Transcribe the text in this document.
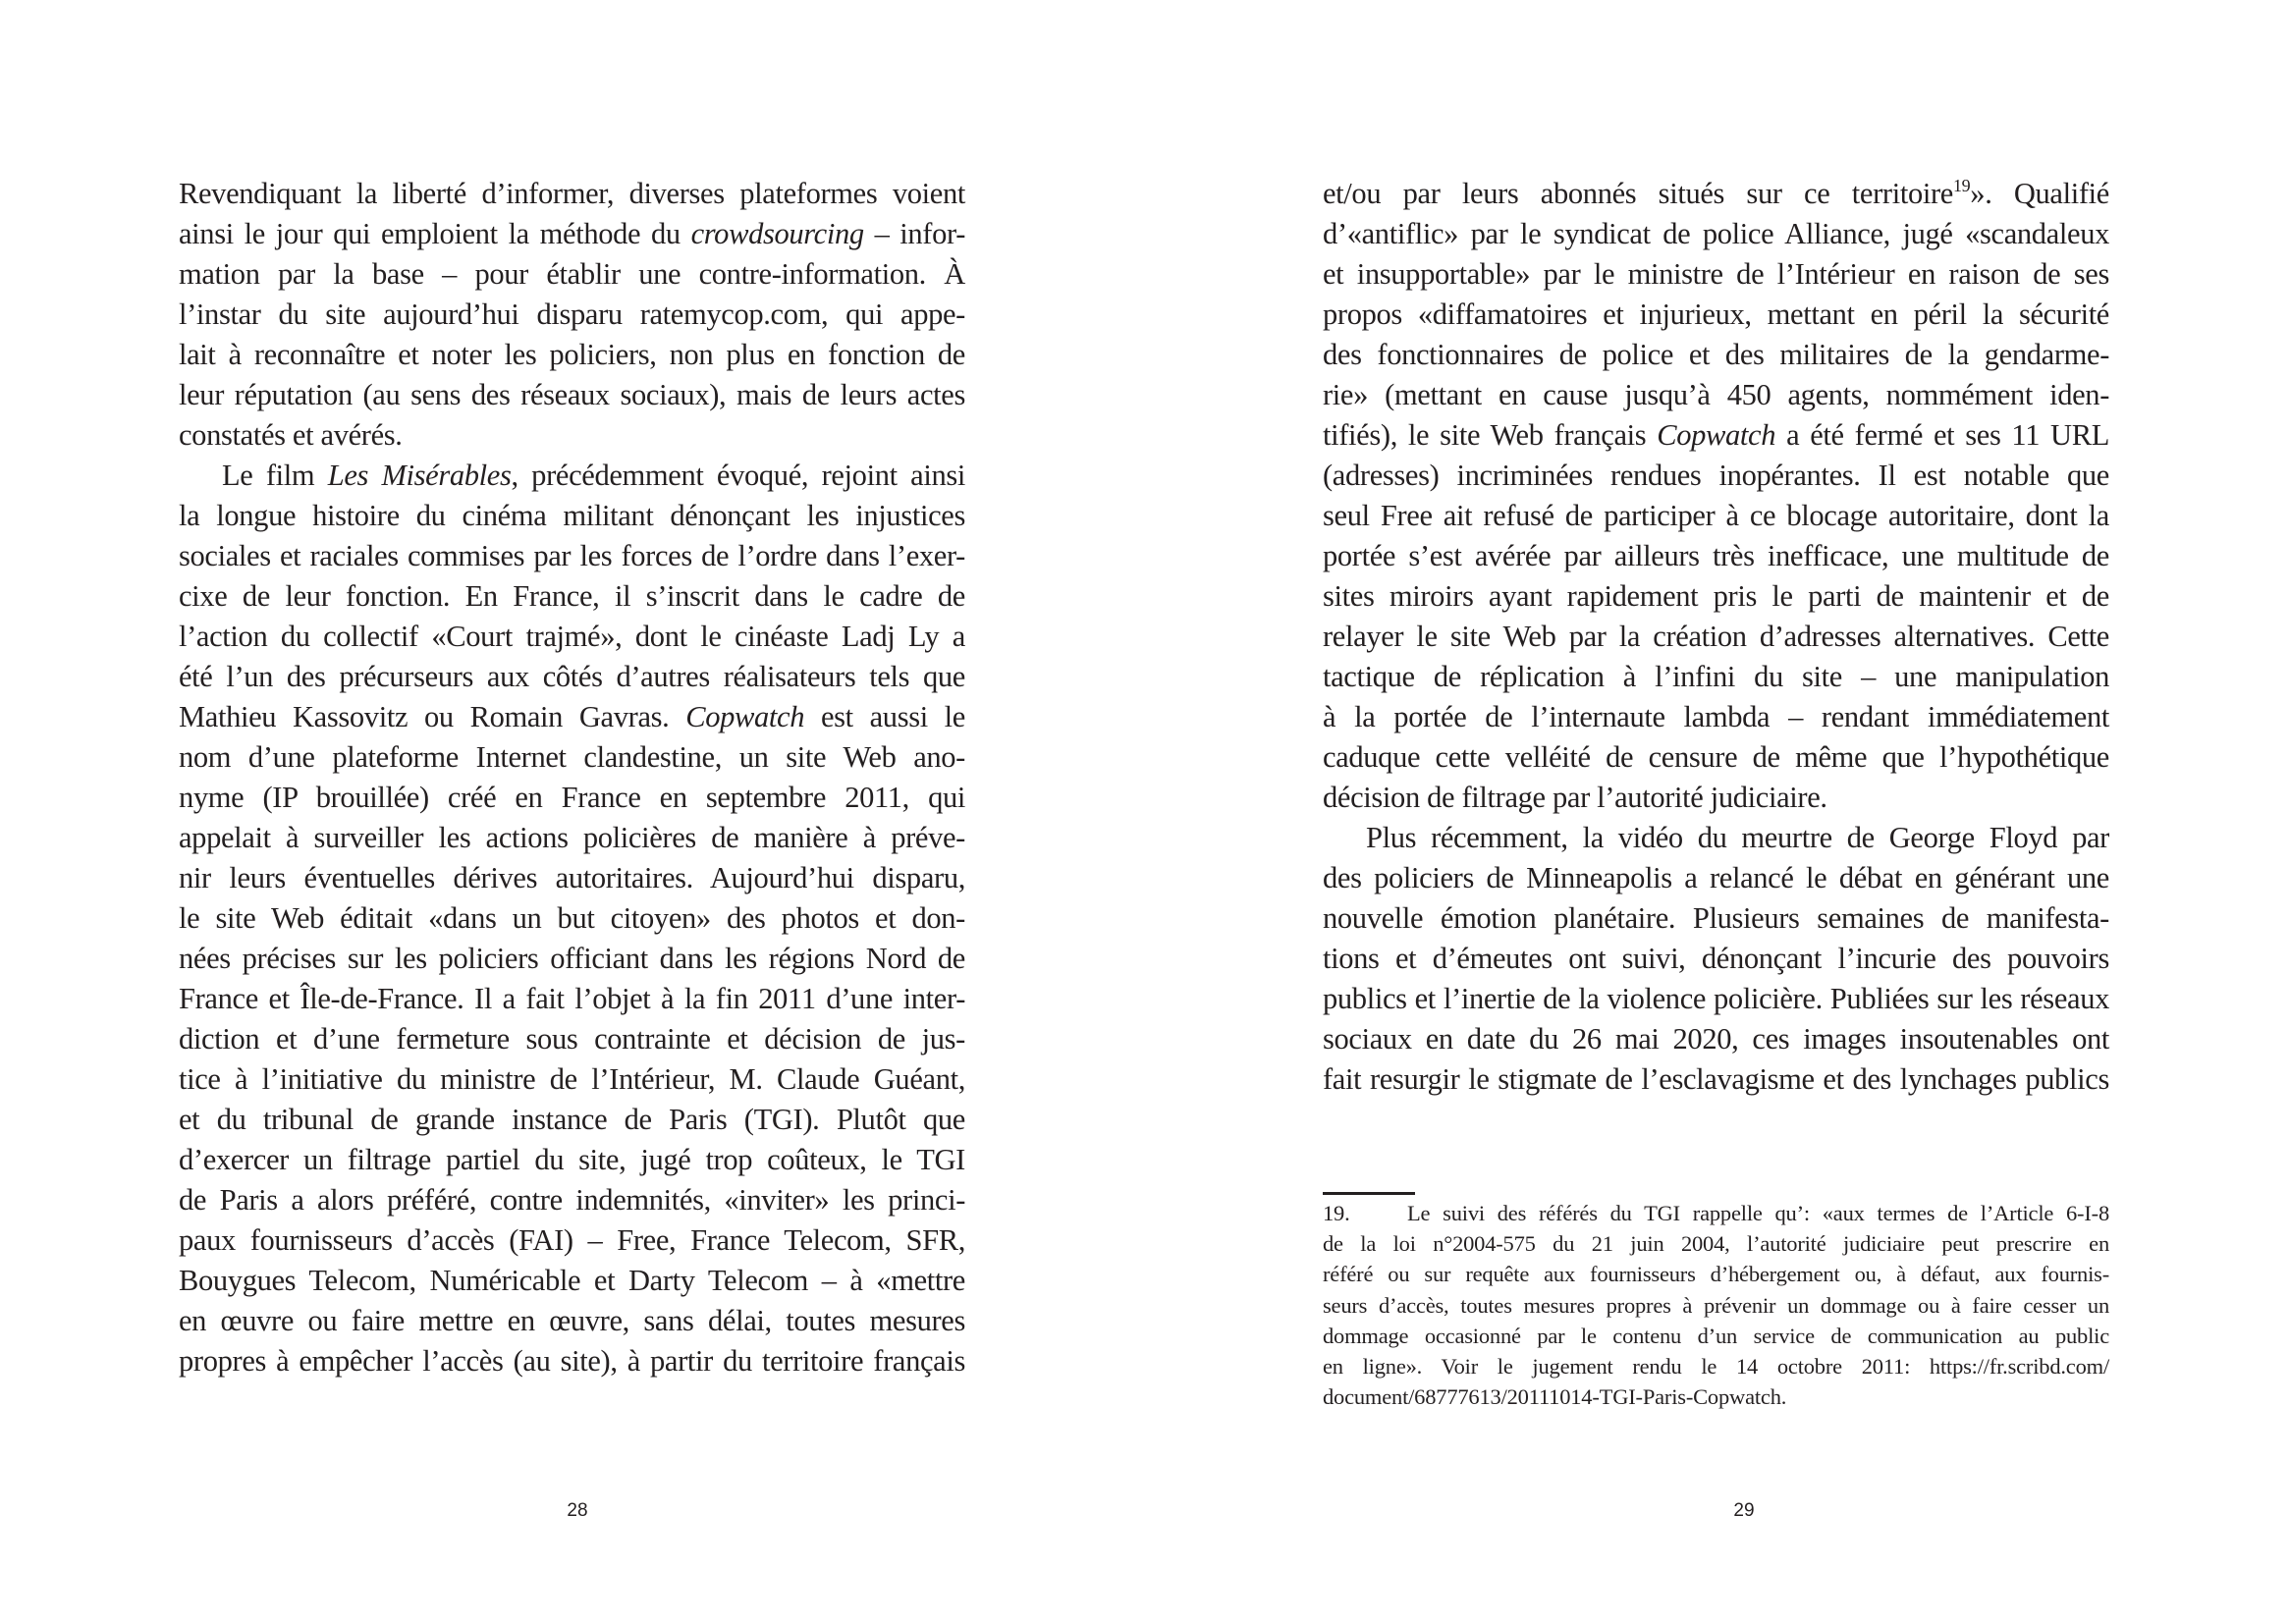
Revendiquant la liberté d’informer, diverses plateformes voient
ainsi le jour qui emploient la méthode du crowdsourcing – infor-
mation par la base – pour établir une contre-information. À
l’instar du site aujourd’hui disparu ratemycop.com, qui appe-
lait à reconnaître et noter les policiers, non plus en fonction de
leur réputation (au sens des réseaux sociaux), mais de leurs actes
constatés et avérés.
Le film Les Misérables, précédemment évoqué, rejoint ainsi
la longue histoire du cinéma militant dénonçant les injustices
sociales et raciales commises par les forces de l’ordre dans l’exer-
cixe de leur fonction. En France, il s’inscrit dans le cadre de
l’action du collectif «Court trajmé», dont le cinéaste Ladj Ly a
été l’un des précurseurs aux côtés d’autres réalisateurs tels que
Mathieu Kassovitz ou Romain Gavras. Copwatch est aussi le
nom d’une plateforme Internet clandestine, un site Web ano-
nyme (IP brouillée) créé en France en septembre 2011, qui
appelait à surveiller les actions policières de manière à préve-
nir leurs éventuelles dérives autoritaires. Aujourd’hui disparu,
le site Web éditait «dans un but citoyen» des photos et don-
nées précises sur les policiers officiant dans les régions Nord de
France et Île-de-France. Il a fait l’objet à la fin 2011 d’une inter-
diction et d’une fermeture sous contrainte et décision de jus-
tice à l’initiative du ministre de l’Intérieur, M. Claude Guéant,
et du tribunal de grande instance de Paris (TGI). Plutôt que
d’exercer un filtrage partiel du site, jugé trop coûteux, le TGI
de Paris a alors préféré, contre indemnités, «inviter» les princi-
paux fournisseurs d’accès (FAI) – Free, France Telecom, SFR,
Bouygues Telecom, Numéricable et Darty Telecom – à «mettre
en œuvre ou faire mettre en œuvre, sans délai, toutes mesures
propres à empêcher l’accès (au site), à partir du territoire français
28
et/ou par leurs abonnés situés sur ce territoire$^{19}$». Qualifié
d’«antiflic» par le syndicat de police Alliance, jugé «scandaleux
et insupportable» par le ministre de l’Intérieur en raison de ses
propos «diffamatoires et injurieux, mettant en péril la sécurité
des fonctionnaires de police et des militaires de la gendarme-
rie» (mettant en cause jusqu’à 450 agents, nommément iden-
tifiés), le site Web français Copwatch a été fermé et ses 11 URL
(adresses) incriminées rendues inopérantes. Il est notable que
seul Free ait refusé de participer à ce blocage autoritaire, dont la
portée s’est avérée par ailleurs très inefficace, une multitude de
sites miroirs ayant rapidement pris le parti de maintenir et de
relayer le site Web par la création d’adresses alternatives. Cette
tactique de réplication à l’infini du site – une manipulation
à la portée de l’internaute lambda – rendant immédiatement
caduque cette velléité de censure de même que l’hypothétique
décision de filtrage par l’autorité judiciaire.
Plus récemment, la vidéo du meurtre de George Floyd par
des policiers de Minneapolis a relancé le débat en générant une
nouvelle émotion planétaire. Plusieurs semaines de manifesta-
tions et d’émeutes ont suivi, dénonçant l’incurie des pouvoirs
publics et l’inertie de la violence policière. Publiées sur les réseaux
sociaux en date du 26 mai 2020, ces images insoutenables ont
fait resurgir le stigmate de l’esclavagisme et des lynchages publics
19.	Le suivi des référés du TGI rappelle qu’: «aux termes de l’Article 6-I-8
de la loi n°2004-575 du 21 juin 2004, l’autorité judiciaire peut prescrire en
référé ou sur requête aux fournisseurs d’hébergement ou, à défaut, aux fournis-
seurs d’accès, toutes mesures propres à prévenir un dommage ou à faire cesser un
dommage occasionné par le contenu d’un service de communication au public
en ligne». Voir le jugement rendu le 14 octobre 2011: https://fr.scribd.com/
document/68777613/20111014-TGI-Paris-Copwatch.
29
